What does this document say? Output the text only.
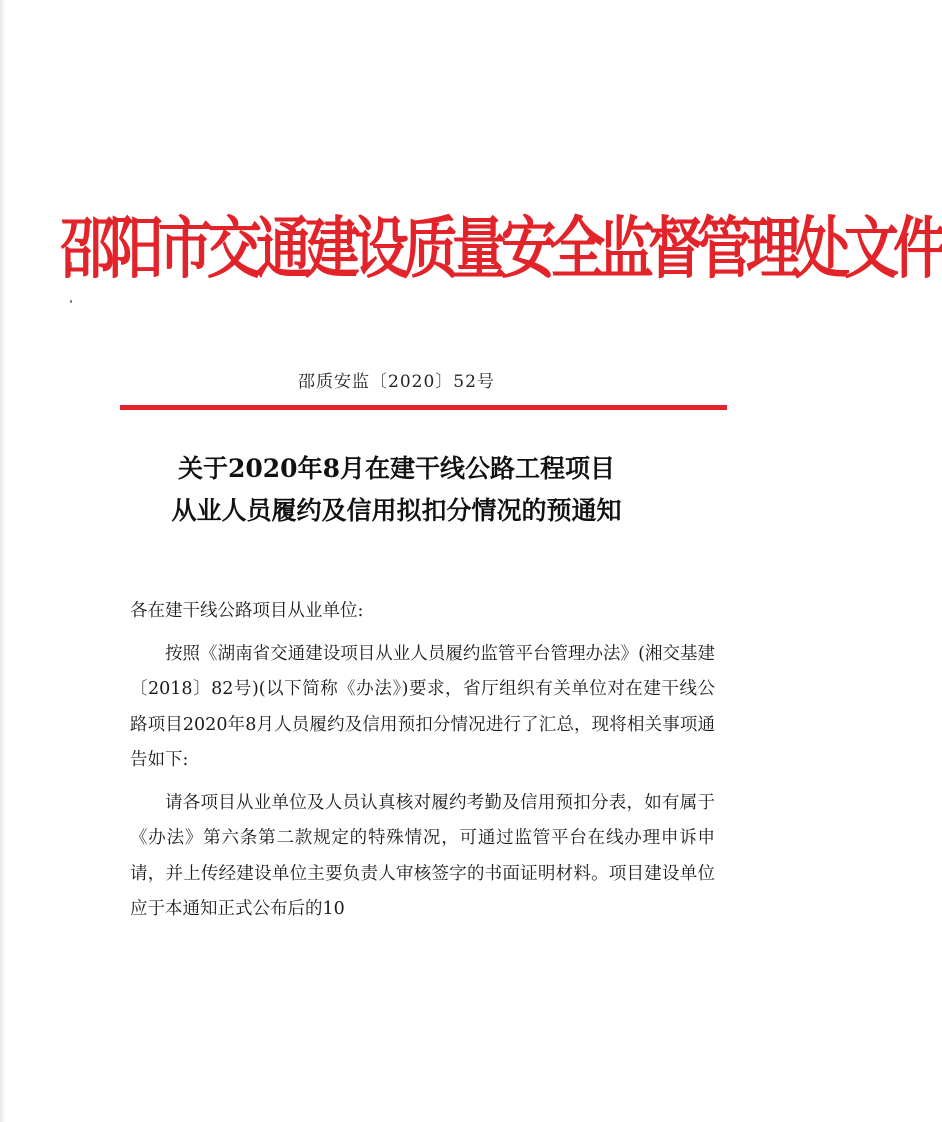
邵阳市交通建设质量安全监督管理处文件
邵质安监〔2020〕52号
关于2020年8月在建干线公路工程项目
从业人员履约及信用拟扣分情况的预通知

各在建干线公路项目从业单位:

按照《湖南省交通建设项目从业人员履约监管平台管理办法》(湘交基建〔2018〕82号)(以下简称《办法》)要求，省厅组织有关单位对在建干线公路项目2020年8月人员履约及信用预扣分情况进行了汇总，现将相关事项通告如下:

请各项目从业单位及人员认真核对履约考勤及信用预扣分表，如有属于《办法》第六条第二款规定的特殊情况，可通过监管平台在线办理申诉申请，并上传经建设单位主要负责人审核签字的书面证明材料。项目建设单位应于本通知正式公布后的10
